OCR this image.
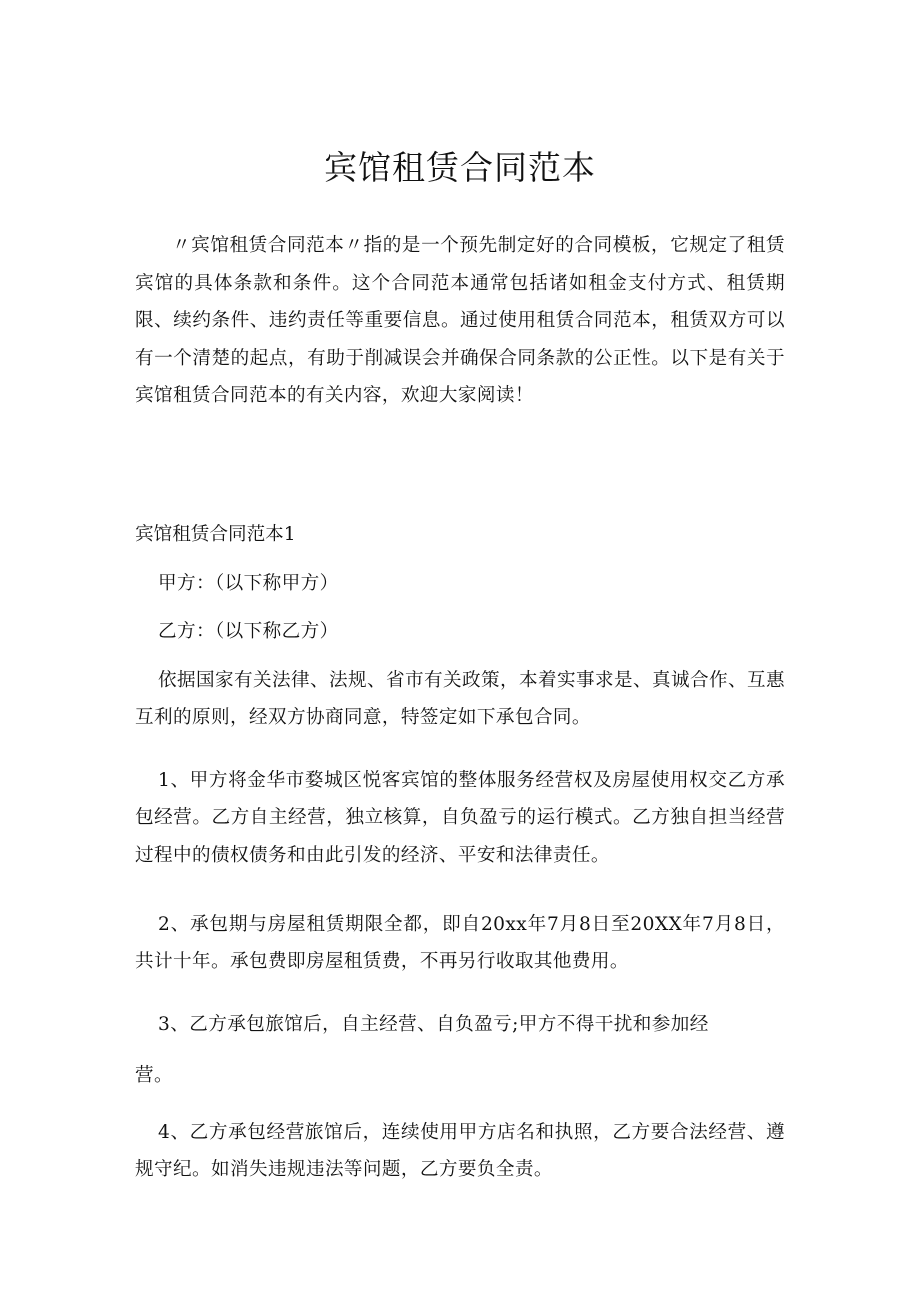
宾馆租赁合同范本

〃宾馆租赁合同范本〃指的是一个预先制定好的合同模板，它规定了租赁宾馆的具体条款和条件。这个合同范本通常包括诸如租金支付方式、租赁期限、续约条件、违约责任等重要信息。通过使用租赁合同范本，租赁双方可以有一个清楚的起点，有助于削减误会并确保合同条款的公正性。以下是有关于宾馆租赁合同范本的有关内容，欢迎大家阅读！

宾馆租赁合同范本1

甲方：（以下称甲方）

乙方：（以下称乙方）

依据国家有关法律、法规、省市有关政策，本着实事求是、真诚合作、互惠互利的原则，经双方协商同意，特签定如下承包合同。

1、甲方将金华市婺城区悦客宾馆的整体服务经营权及房屋使用权交乙方承包经营。乙方自主经营，独立核算，自负盈亏的运行模式。乙方独自担当经营过程中的债权债务和由此引发的经济、平安和法律责任。

2、承包期与房屋租赁期限全都，即自20xx年7月8日至20XX年7月8日，共计十年。承包费即房屋租赁费，不再另行收取其他费用。

3、乙方承包旅馆后，自主经营、自负盈亏;甲方不得干扰和参加经

营。

4、乙方承包经营旅馆后，连续使用甲方店名和执照，乙方要合法经营、遵规守纪。如消失违规违法等问题，乙方要负全责。
